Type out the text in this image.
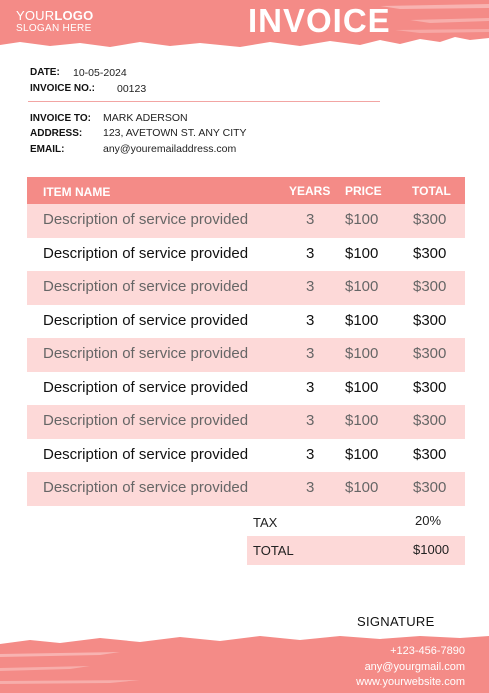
YOURLOGO
SLOGAN HERE	INVOICE
DATE: 10-05-2024
INVOICE NO.: 00123
INVOICE TO: MARK ADERSON
ADDRESS: 123, AVETOWN ST. ANY CITY
EMAIL:	any@youremailaddress.com
ITEM NAME	YEARS PRICE	TOTAL
Description of service provided	3 $100 $300
Description of service provided	3 $100 $300
Description of service provided	3 $100 $300
Description of service provided	3 $100 $300
Description of service provided	3 $100 $300
Description of service provided	3 $100 $300
Description of service provided	3 $100 $300
Description of service provided	3 $100 $300
Description of service provided	3 $100 $300
TAX	20%
TOTAL	$1000
SIGNATURE
+123-456-7890
any@yourgmail.com
www.yourwebsite.com
